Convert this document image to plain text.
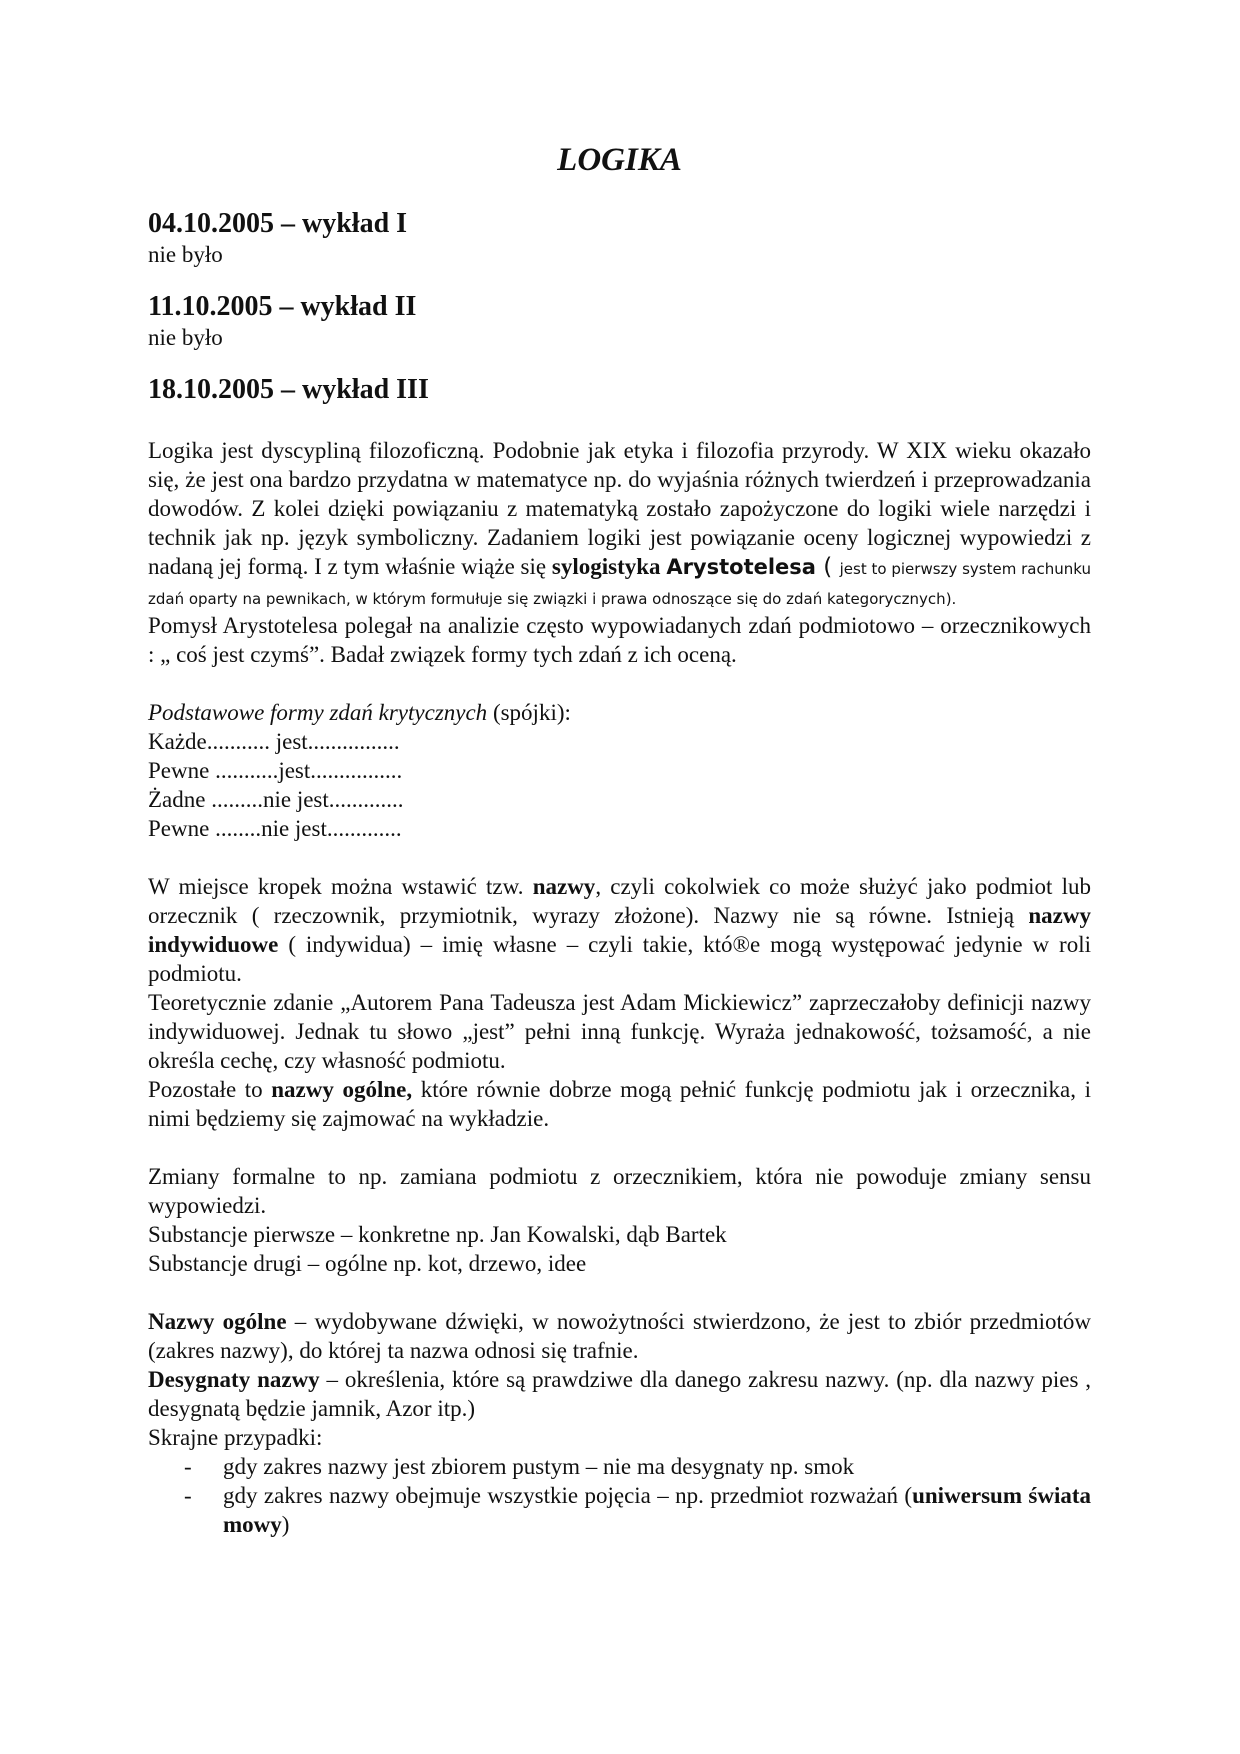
LOGIKA
04.10.2005 – wykład I

nie było

11.10.2005 – wykład II

nie było

18.10.2005 – wykład III

Logika jest dyscypliną filozoficzną. Podobnie jak etyka i filozofia przyrody. W XIX wieku okazało się, że jest ona bardzo przydatna w matematyce np. do wyjaśnia różnych twierdzeń i przeprowadzania dowodów. Z kolei dzięki powiązaniu z matematyką zostało zapożyczone do logiki wiele narzędzi i technik jak np. język symboliczny. Zadaniem logiki jest powiązanie oceny logicznej wypowiedzi z nadaną jej formą. I z tym właśnie wiąże się sylogistyka Arystotelesa ( jest to pierwszy system rachunku zdań oparty na pewnikach, w którym formułuje się związki i prawa odnoszące się do zdań kategorycznych).

Pomysł Arystotelesa polegał na analizie często wypowiadanych zdań podmiotowo – orzecznikowych : „ coś jest czymś”. Badał związek formy tych zdań z ich oceną.

Podstawowe formy zdań krytycznych (spójki):

Każde........... jest................

Pewne ...........jest................

Żadne .........nie jest.............

Pewne ........nie jest.............

W miejsce kropek można wstawić tzw. nazwy, czyli cokolwiek co może służyć jako podmiot lub orzecznik ( rzeczownik, przymiotnik, wyrazy złożone). Nazwy nie są równe. Istnieją nazwy indywiduowe ( indywidua) – imię własne – czyli takie, któ®e mogą występować jedynie w roli podmiotu.

Teoretycznie zdanie „Autorem Pana Tadeusza jest Adam Mickiewicz” zaprzeczałoby definicji nazwy indywiduowej. Jednak tu słowo „jest” pełni inną funkcję. Wyraża jednakowość, tożsamość, a nie określa cechę, czy własność podmiotu.

Pozostałe to nazwy ogólne, które równie dobrze mogą pełnić funkcję podmiotu jak i orzecznika, i nimi będziemy się zajmować na wykładzie.

Zmiany formalne to np. zamiana podmiotu z orzecznikiem, która nie powoduje zmiany sensu wypowiedzi.

Substancje pierwsze – konkretne np. Jan Kowalski, dąb Bartek

Substancje drugi – ogólne np. kot, drzewo, idee

Nazwy ogólne – wydobywane dźwięki, w nowożytności stwierdzono, że jest to zbiór przedmiotów (zakres nazwy), do której ta nazwa odnosi się trafnie.

Desygnaty nazwy – określenia, które są prawdziwe dla danego zakresu nazwy. (np. dla nazwy pies , desygnatą będzie jamnik, Azor itp.)

Skrajne przypadki:

- gdy zakres nazwy jest zbiorem pustym – nie ma desygnaty np. smok
- gdy zakres nazwy obejmuje wszystkie pojęcia – np. przedmiot rozważań (uniwersum świata mowy)
